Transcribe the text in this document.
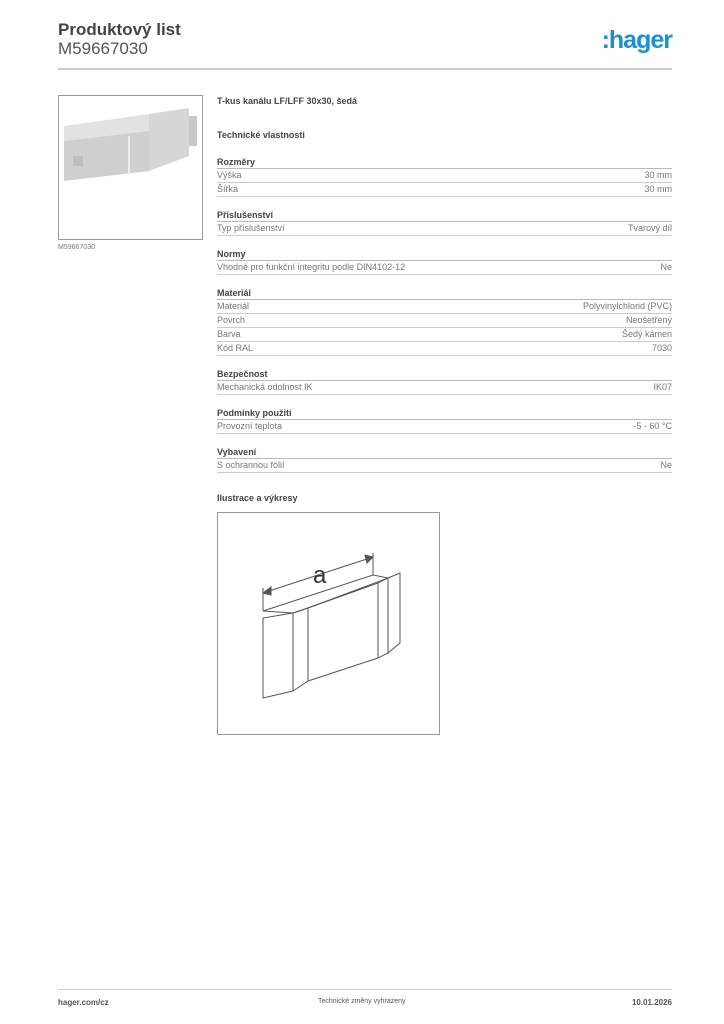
Produktový list
M59667030	:hager
M59667030
T-kus kanálu LF/LFF 30x30, šedá
Technické vlastnosti
Rozměry
Výška	30 mm
Šířka	30 mm
Příslušenství
Typ příslušenství	Tvarový díl
Normy
Vhodné pro funkční integritu podle DIN4102-12	Ne
Materiál
Materiál	Polyvinylchlorid (PVC)
Povrch	Neošetřený
Barva	Šedý kámen
Kód RAL	7030
Bezpečnost
Mechanická odolnost IK	IK07
Podmínky použití
Provozní teplota	-5 - 60 °C
Vybavení
S ochrannou fólií	Ne
Ilustrace a výkresy
a
hager.com/cz	Technické změny vyhrazeny	10.01.2026
